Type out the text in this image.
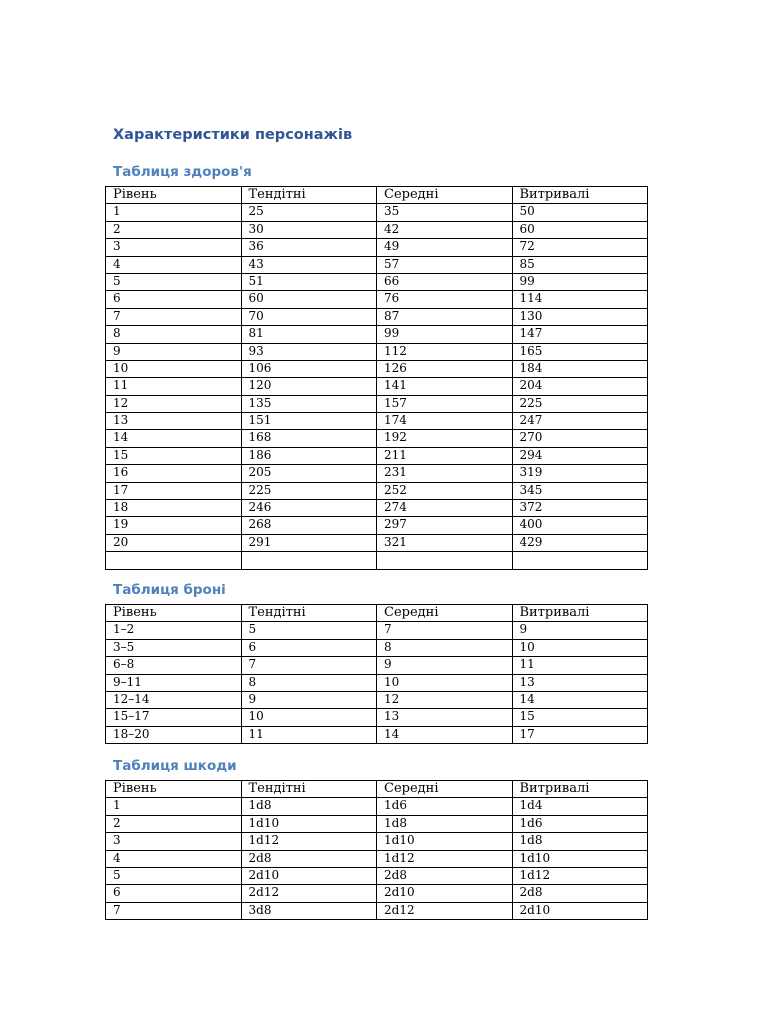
Характеристики персонажів
Таблиця здоров'я
Рівень	Тендітні	Середні	Витривалі
1	25	35	50
2	30	42	60
3	36	49	72
4	43	57	85
5	51	66	99
6	60	76	114
7	70	87	130
8	81	99	147
9	93	112	165
10	106	126	184
11	120	141	204
12	135	157	225
13	151	174	247
14	168	192	270
15	186	211	294
16	205	231	319
17	225	252	345
18	246	274	372
19	268	297	400
20	291	321	429

Таблиця броні
Рівень	Тендітні	Середні	Витривалі
1–2	5	7	9
3–5	6	8	10
6–8	7	9	11
9–11	8	10	13
12–14	9	12	14
15–17	10	13	15
18–20	11	14	17
Таблиця шкоди
Рівень	Тендітні	Середні	Витривалі
1	1d8	1d6	1d4
2	1d10	1d8	1d6
3	1d12	1d10	1d8
4	2d8	1d12	1d10
5	2d10	2d8	1d12
6	2d12	2d10	2d8
7	3d8	2d12	2d10
